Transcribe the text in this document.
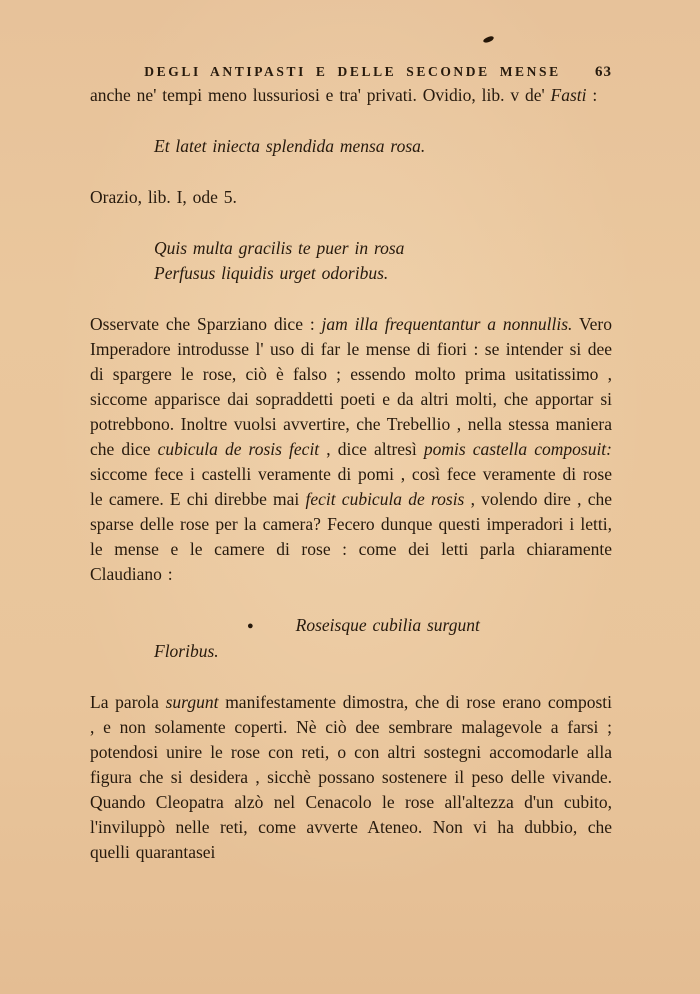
DEGLI ANTIPASTI E DELLE SECONDE MENSE	63

anche ne' tempi meno lussuriosi e tra' privati. Ovidio, lib. v de' Fasti :

Et latet iniecta splendida mensa rosa.
Orazio, lib. I, ode 5.
Quis multa gracilis te puer in rosa
Perfusus liquidis urget odoribus.

Osservate che Sparziano dice : jam illa frequentantur a nonnullis. Vero Imperadore introdusse l' uso di far le mense di fiori : se intender si dee di spargere le rose, ciò è falso ; essendo molto prima usitatissimo , siccome apparisce dai sopraddetti poeti e da altri molti, che apportar si potrebbono. Inoltre vuolsi avvertire, che Trebellio , nella stessa maniera che dice cubicula de rosis fecit , dice altresì pomis castella composuit: siccome fece i castelli veramente di pomi , così fece veramente di rose le camere. E chi direbbe mai fecit cubicula de rosis , volendo dire , che sparse delle rose per la camera? Fecero dunque questi imperadori i letti, le mense e le camere di rose : come dei letti parla chiaramente Claudiano :

● Roseisque cubilia surgunt
Floribus.

La parola surgunt manifestamente dimostra, che di rose erano composti , e non solamente coperti. Nè ciò dee sembrare malagevole a farsi ; potendosi unire le rose con reti, o con altri sostegni accomodarle alla figura che si desidera , sicchè possano sostenere il peso delle vivande. Quando Cleopatra alzò nel Cenacolo le rose all'altezza d'un cubito, l'inviluppò nelle reti, come avverte Ateneo. Non vi ha dubbio, che quelli quarantasei
